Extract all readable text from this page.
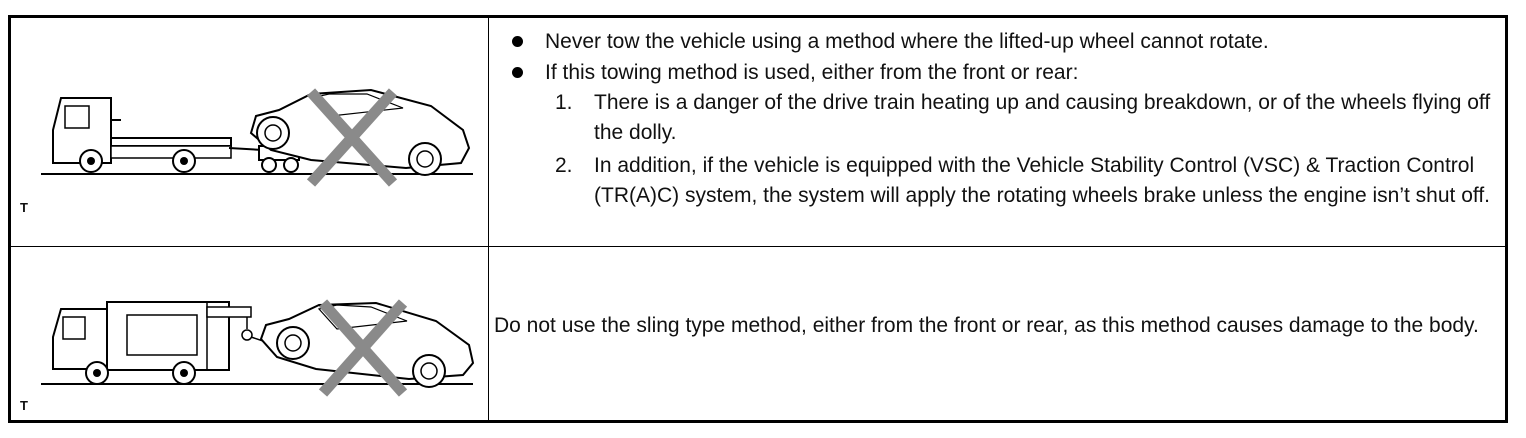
T
Never tow the vehicle using a method where the lifted-up wheel cannot rotate.
If this towing method is used, either from the front or rear:
1. There is a danger of the drive train heating up and causing breakdown, or of the wheels flying off the dolly.
2. In addition, if the vehicle is equipped with the Vehicle Stability Control (VSC) & Traction Control (TR(A)C) system, the system will apply the rotating wheels brake unless the engine isn’t shut off.
T
Do not use the sling type method, either from the front or rear, as this method causes damage to the body.
